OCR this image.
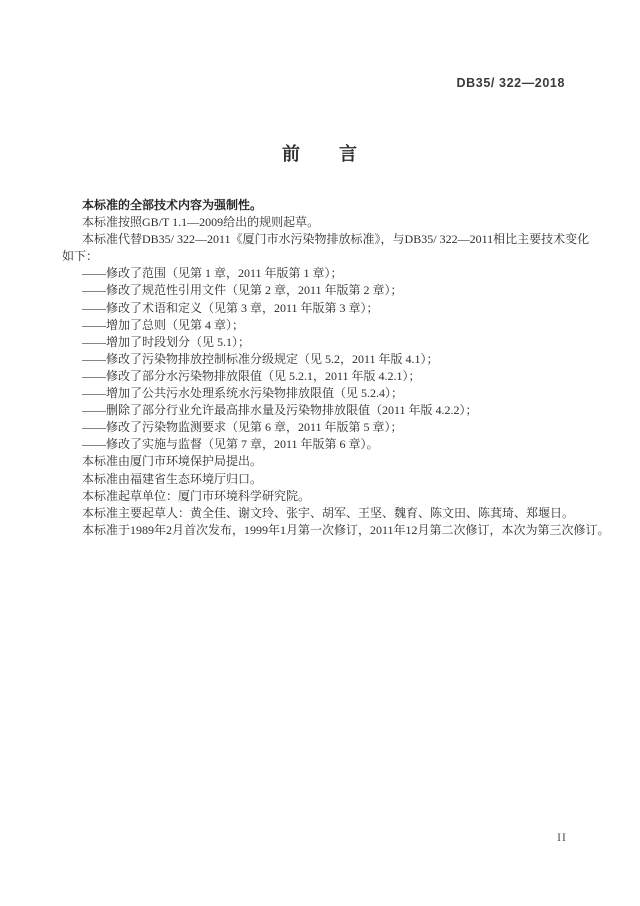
DB35/ 322—2018
前　　言
本标准的全部技术内容为强制性。
本标准按照GB/T 1.1—2009给出的规则起草。
本标准代替DB35/ 322—2011《厦门市水污染物排放标准》，与DB35/ 322—2011相比主要技术变化
如下：
——修改了范围（见第 1 章，2011 年版第 1 章）；
——修改了规范性引用文件（见第 2 章，2011 年版第 2 章）；
——修改了术语和定义（见第 3 章，2011 年版第 3 章）；
——增加了总则（见第 4 章）；
——增加了时段划分（见 5.1）；
——修改了污染物排放控制标准分级规定（见 5.2，2011 年版 4.1）；
——修改了部分水污染物排放限值（见 5.2.1，2011 年版 4.2.1）；
——增加了公共污水处理系统水污染物排放限值（见 5.2.4）；
——删除了部分行业允许最高排水量及污染物排放限值（2011 年版 4.2.2）；
——修改了污染物监测要求（见第 6 章，2011 年版第 5 章）；
——修改了实施与监督（见第 7 章，2011 年版第 6 章）。
本标准由厦门市环境保护局提出。
本标准由福建省生态环境厅归口。
本标准起草单位：厦门市环境科学研究院。
本标准主要起草人：黄全佳、谢文玲、张宇、胡军、王坚、魏育、陈文田、陈萁琦、郑堰日。
本标准于1989年2月首次发布，1999年1月第一次修订，2011年12月第二次修订，本次为第三次修订。
II
